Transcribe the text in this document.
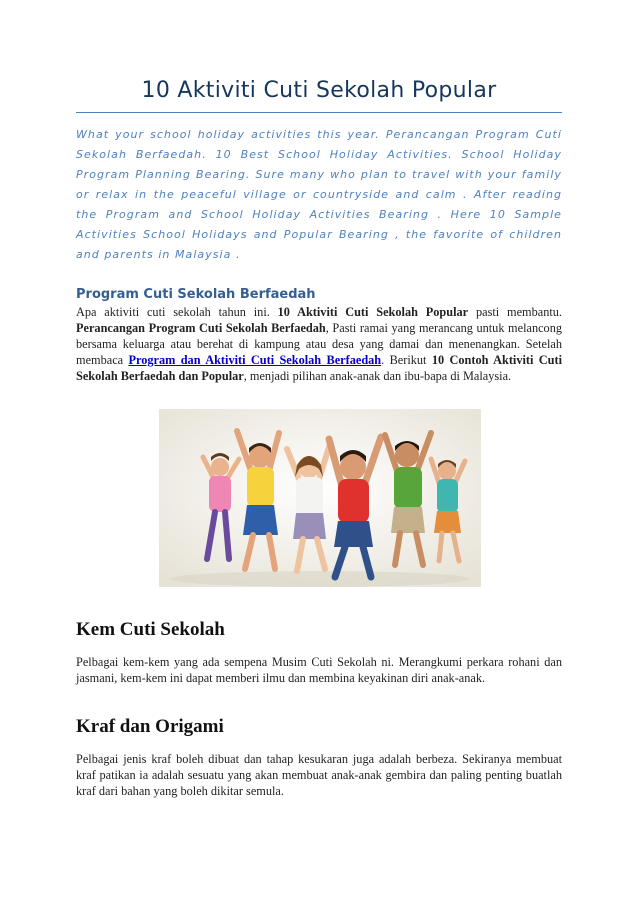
10 Aktiviti Cuti Sekolah Popular

What your school holiday activities this year. Perancangan Program Cuti Sekolah Berfaedah. 10 Best School Holiday Activities. School Holiday Program Planning Bearing. Sure many who plan to travel with your family or relax in the peaceful village or countryside and calm . After reading the Program and School Holiday Activities Bearing . Here 10 Sample Activities School Holidays and Popular Bearing , the favorite of children and parents in Malaysia .

Program Cuti Sekolah Berfaedah

Apa aktiviti cuti sekolah tahun ini. 10 Aktiviti Cuti Sekolah Popular pasti membantu. Perancangan Program Cuti Sekolah Berfaedah, Pasti ramai yang merancang untuk melancong bersama keluarga atau berehat di kampung atau desa yang damai dan menenangkan. Setelah membaca Program dan Aktiviti Cuti Sekolah Berfaedah. Berikut 10 Contoh Aktiviti Cuti Sekolah Berfaedah dan Popular, menjadi pilihan anak-anak dan ibu-bapa di Malaysia.

Kem Cuti Sekolah

Pelbagai kem-kem yang ada sempena Musim Cuti Sekolah ni. Merangkumi perkara rohani dan jasmani, kem-kem ini dapat memberi ilmu dan membina keyakinan diri anak-anak.

Kraf dan Origami

Pelbagai jenis kraf boleh dibuat dan tahap kesukaran juga adalah berbeza. Sekiranya membuat kraf patikan ia adalah sesuatu yang akan membuat anak-anak gembira dan paling penting buatlah kraf dari bahan yang boleh dikitar semula.
